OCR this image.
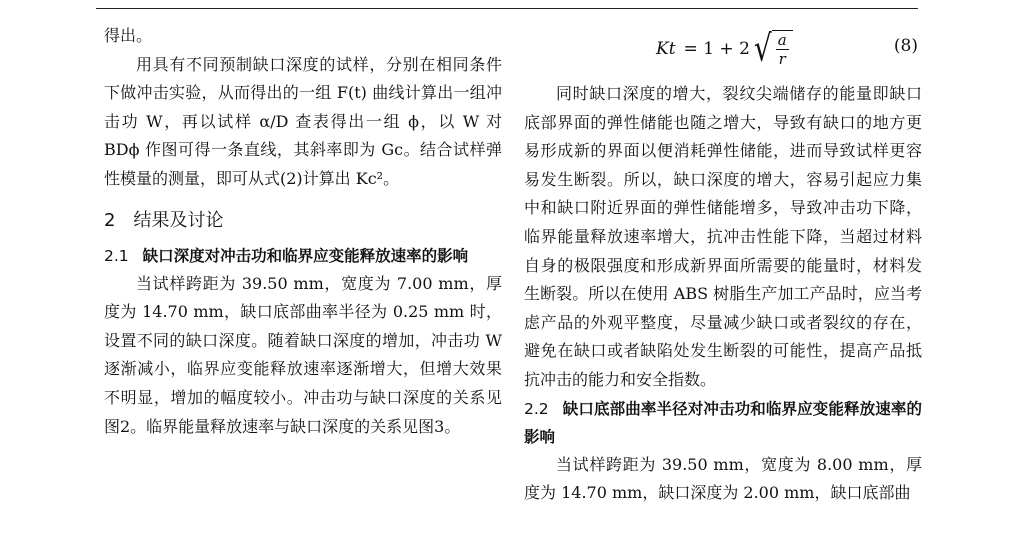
得出。

用具有不同预制缺口深度的试样，分别在相同条件下做冲击实验，从而得出的一组 F(t) 曲线计算出一组冲击功 W，再以试样 α/D 查表得出一组 ϕ，以 W 对 BDϕ 作图可得一条直线，其斜率即为 Gc。结合试样弹性模量的测量，即可从式(2)计算出 Kc²。

2 结果及讨论

2.1 缺口深度对冲击功和临界应变能释放速率的影响

当试样跨距为 39.50 mm，宽度为 7.00 mm，厚度为 14.70 mm，缺口底部曲率半径为 0.25 mm 时，设置不同的缺口深度。随着缺口深度的增加，冲击功 W 逐渐减小，临界应变能释放速率逐渐增大，但增大效果不明显，增加的幅度较小。冲击功与缺口深度的关系见图2。临界能量释放速率与缺口深度的关系见图3。

Kt = 1 + 2 √ $\frac{a}{r}$	(8)

同时缺口深度的增大，裂纹尖端储存的能量即缺口底部界面的弹性储能也随之增大，导致有缺口的地方更易形成新的界面以便消耗弹性储能，进而导致试样更容易发生断裂。所以，缺口深度的增大，容易引起应力集中和缺口附近界面的弹性储能增多，导致冲击功下降，临界能量释放速率增大，抗冲击性能下降，当超过材料自身的极限强度和形成新界面所需要的能量时，材料发生断裂。所以在使用 ABS 树脂生产加工产品时，应当考虑产品的外观平整度，尽量减少缺口或者裂纹的存在，避免在缺口或者缺陷处发生断裂的可能性，提高产品抵抗冲击的能力和安全指数。

2.2 缺口底部曲率半径对冲击功和临界应变能释放速率的影响

当试样跨距为 39.50 mm，宽度为 8.00 mm，厚度为 14.70 mm，缺口深度为 2.00 mm，缺口底部曲
